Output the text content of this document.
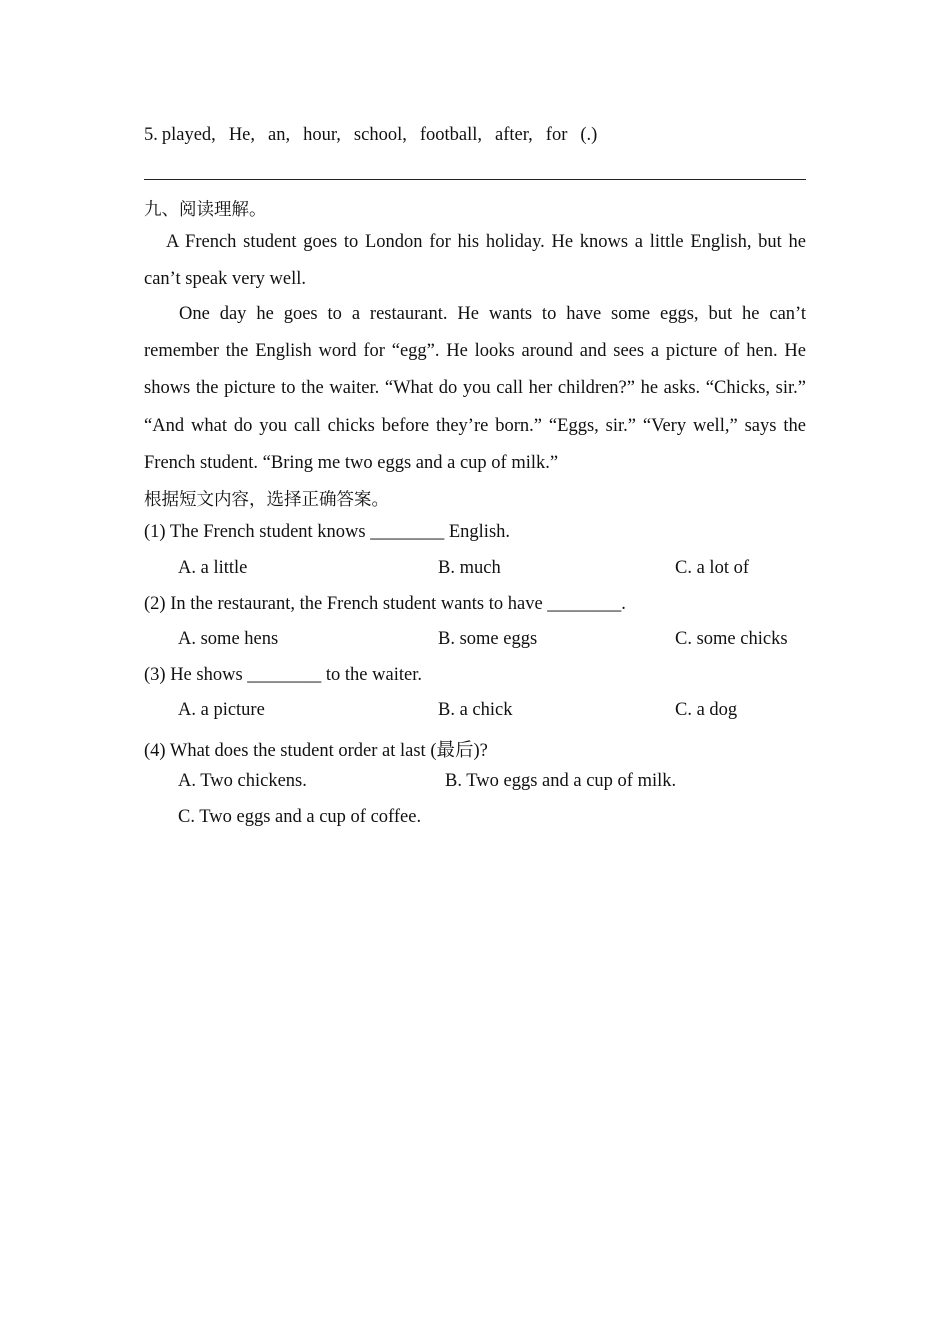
5. played, He, an, hour, school, football, after, for (.)
九、阅读理解。
A French student goes to London for his holiday. He knows a little English, but he can’t speak very well.
One day he goes to a restaurant. He wants to have some eggs, but he can’t remember the English word for “egg”. He looks around and sees a picture of hen. He shows the picture to the waiter. “What do you call her children?” he asks. “Chicks, sir.” “And what do you call chicks before they’re born.” “Eggs, sir.” “Very well,” says the French student. “Bring me two eggs and a cup of milk.”
根据短文内容，选择正确答案。
(1) The French student knows ________ English.
A. a little	B. much	C. a lot of
(2) In the restaurant, the French student wants to have ________.
A. some hens	B. some eggs	C. some chicks
(3) He shows ________ to the waiter.
A. a picture	B. a chick	C. a dog
(4) What does the student order at last (最后)?
A. Two chickens.	B. Two eggs and a cup of milk.
C. Two eggs and a cup of coffee.
